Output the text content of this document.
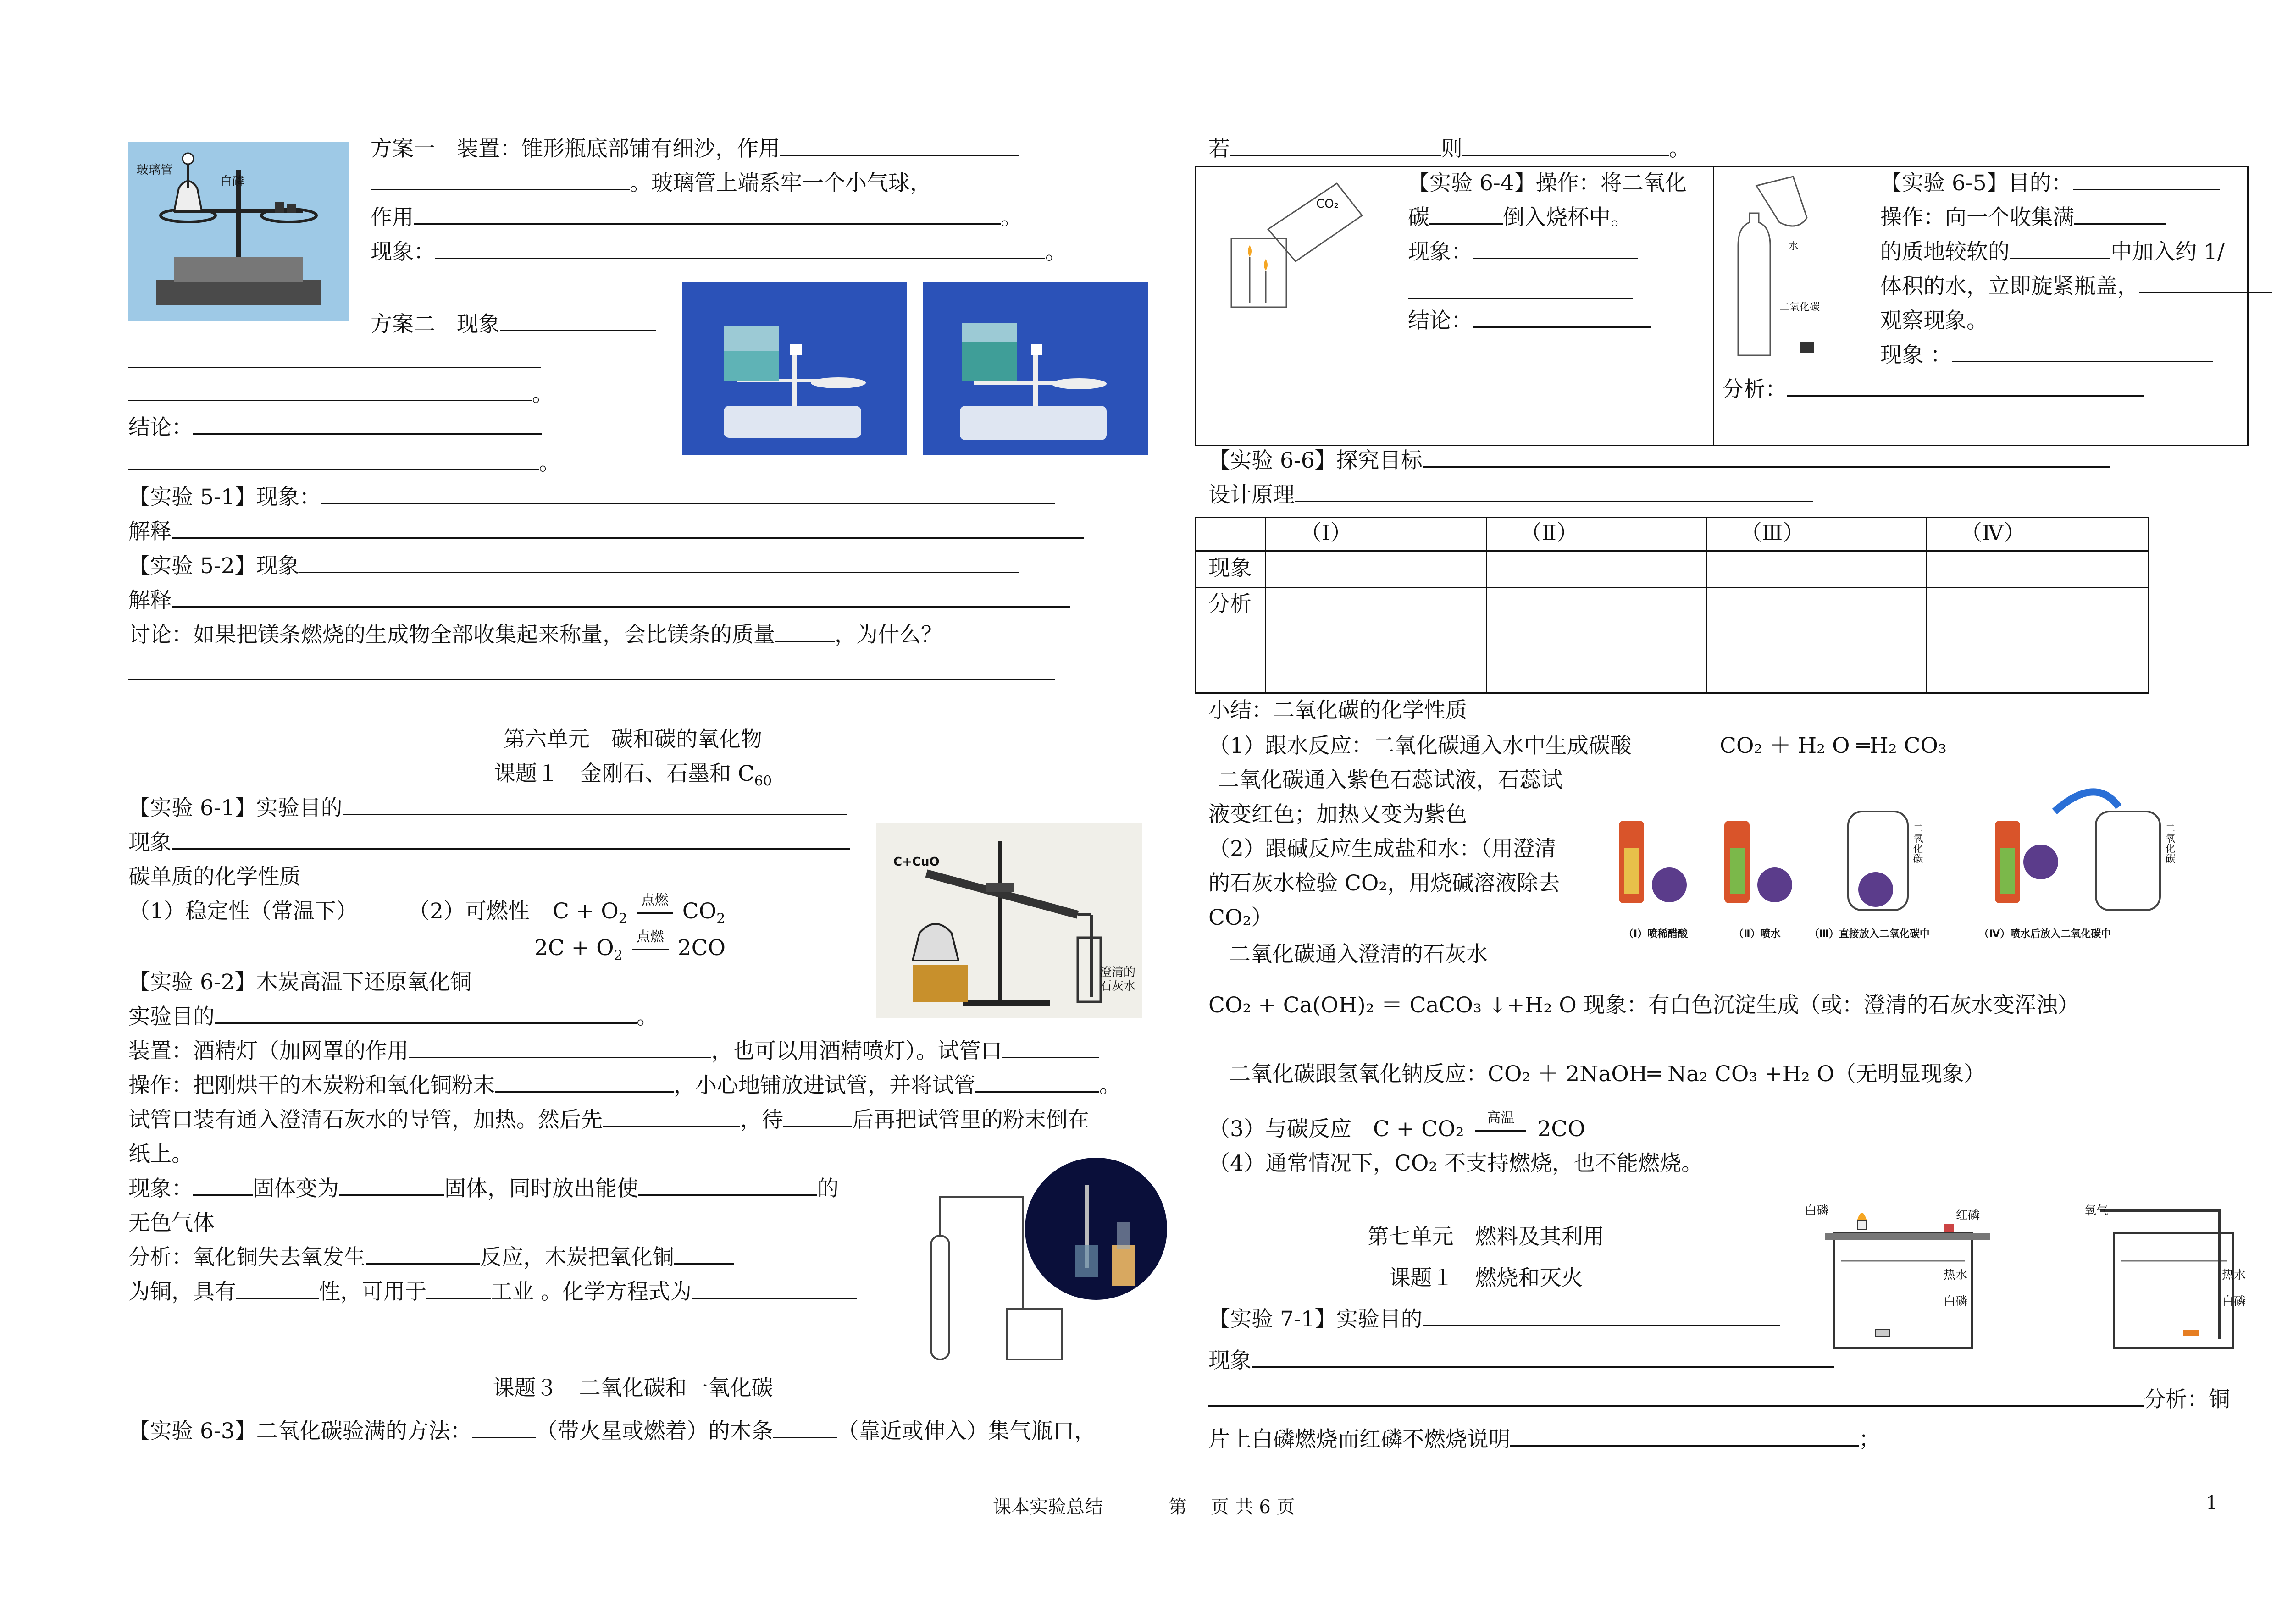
玻璃管
白磷
方案一　装置：锥形瓶底部铺有细沙，作用
。玻璃管上端系牢一个小气球，
作用	。
现象：	。
方案二　现象
。
结论：
。
【实验 5-1】现象：
解释
【实验 5-2】现象
解释
讨论：如果把镁条燃烧的生成物全部收集起来称量，会比镁条的质量	，为什么？
第六单元　碳和碳的氧化物
课题１　金刚石、石墨和 $C_{60}$
【实验 6-1】实验目的
现象
碳单质的化学性质
（1）稳定性（常温下） （2）可燃性 $C + O_2$
点燃 $CO_2$
$2C + O_2$
点燃 2CO
C+CuO
澄清的
石灰水
【实验 6-2】木炭高温下还原氧化铜
实验目的	。
装置：酒精灯（加网罩的作用	，也可以用酒精喷灯）。试管口
操作：把刚烘干的木炭粉和氧化铜粉末	，小心地铺放进试管，并将试管	。
试管口装有通入澄清石灰水的导管，加热。然后先	，待	后再把试管里的粉末倒在
纸上。
现象：	固体变为	固体，同时放出能使	的
无色气体
分析：氧化铜失去氧发生	反应，木炭把氧化铜
为铜，具有	性，可用于	工业 。化学方程式为
课题３　二氧化碳和一氧化碳
【实验 6-3】二氧化碳验满的方法：	（带火星或燃着）的木条	（靠近或伸入）集气瓶口，
若	则	。
CO₂
【实验 6-4】操作：将二氧化
碳	倒入烧杯中。
现象：
结论：
水
二氧化碳
【实验 6-5】目的：
操作：向一个收集满
的质地较软的	中加入约 1/
体积的水，立即旋紧瓶盖，
观察现象。
现象 ：
分析：
【实验 6-6】探究目标
设计原理
（Ⅰ）	（Ⅱ）	（Ⅲ）	（Ⅳ）
现象
分析
小结：二氧化碳的化学性质
（1）跟水反应：二氧化碳通入水中生成碳酸	CO₂ ＋ H₂ O ═H₂ CO₃
二氧化碳通入紫色石蕊试液，石蕊试
液变红色；加热又变为紫色
（2）跟碱反应生成盐和水：（用澄清
的石灰水检验 CO₂，用烧碱溶液除去
CO₂）
二氧化碳通入澄清的石灰水
（Ⅰ）喷稀醋酸	（Ⅱ）喷水	（Ⅲ）直接放入二氧化碳中	（Ⅳ）喷水后放入二氧化碳中
二氧化碳	二氧化碳
CO₂ + Ca(OH)₂ ＝ CaCO₃ ↓+H₂ O 现象：有白色沉淀生成（或：澄清的石灰水变浑浊）
二氧化碳跟氢氧化钠反应：CO₂ ＋ 2NaOH═ Na₂ CO₃ +H₂ O（无明显现象）
（3）与碳反应　C + CO₂	高温	2CO
（4）通常情况下，CO₂ 不支持燃烧，也不能燃烧。
第七单元　燃料及其利用
课题１　燃烧和灭火
【实验 7-1】实验目的
现象
分析：铜
片上白磷燃烧而红磷不燃烧说明	；
白磷	红磷
热水
白磷
氧气
热水
白磷
课本实验总结	第 页 共 6 页	1
